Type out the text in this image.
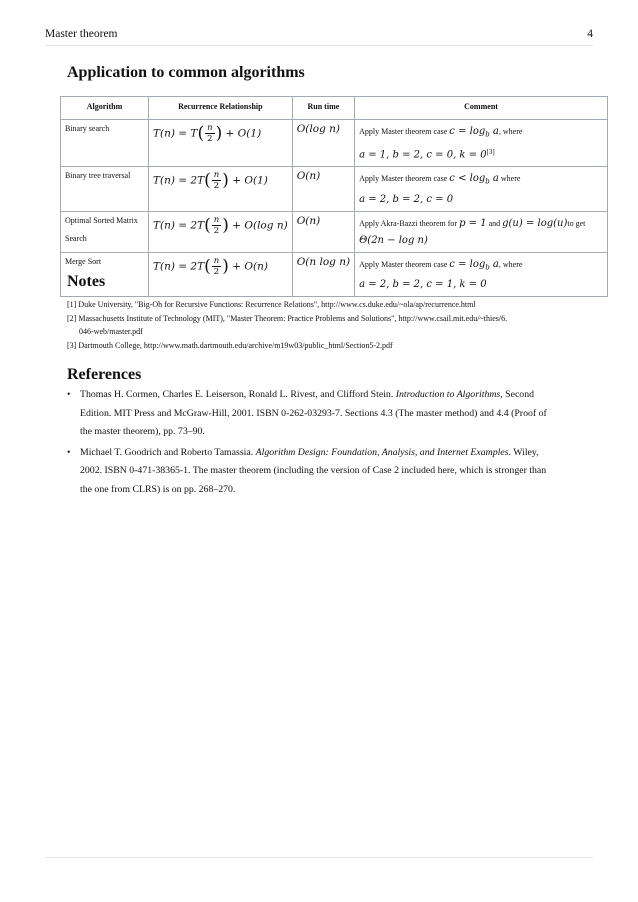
Master theorem	4
Application to common algorithms
Algorithm	Recurrence Relationship	Run time	Comment
Binary search	$T(n) = T( \frac{n}{2}$ ) + O(1)	O(log n)	Apply Master theorem case $c = \log_b a$, where
a = 1, b = 2, c = 0, k = 0[3]
Binary tree traversal	$T(n) = 2T( \frac{n}{2}$ ) + O(1)	O(n)	Apply Master theorem case $c < \log_b a$ where
a = 2, b = 2, c = 0
Optimal Sorted Matrix Search	$T(n) = 2T( \frac{n}{2}$ ) + O(log n)	O(n)	Apply Akra-Bazzi theorem for p = 1 and g(u) = log(u)to get
Θ(2n − log n)
Merge Sort	$T(n) = 2T( \frac{n}{2}$ ) + O(n)	O(n log n)	Apply Master theorem case $c = \log_b a$, where
a = 2, b = 2, c = 1, k = 0
Notes
[1] Duke University, "Big-Oh for Recursive Functions: Recurrence Relations", http://www.cs.duke.edu/~ola/ap/recurrence.html
[2] Massachusetts Institute of Technology (MIT), "Master Theorem: Practice Problems and Solutions", http://www.csail.mit.edu/~thies/6.
046-web/master.pdf
[3] Dartmouth College, http://www.math.dartmouth.edu/archive/m19w03/public_html/Section5-2.pdf
References
• Thomas H. Cormen, Charles E. Leiserson, Ronald L. Rivest, and Clifford Stein. Introduction to Algorithms, Second Edition. MIT Press and McGraw-Hill, 2001. ISBN 0-262-03293-7. Sections 4.3 (The master method) and 4.4 (Proof of the master theorem), pp. 73–90.
• Michael T. Goodrich and Roberto Tamassia. Algorithm Design: Foundation, Analysis, and Internet Examples. Wiley, 2002. ISBN 0-471-38365-1. The master theorem (including the version of Case 2 included here, which is stronger than the one from CLRS) is on pp. 268–270.
